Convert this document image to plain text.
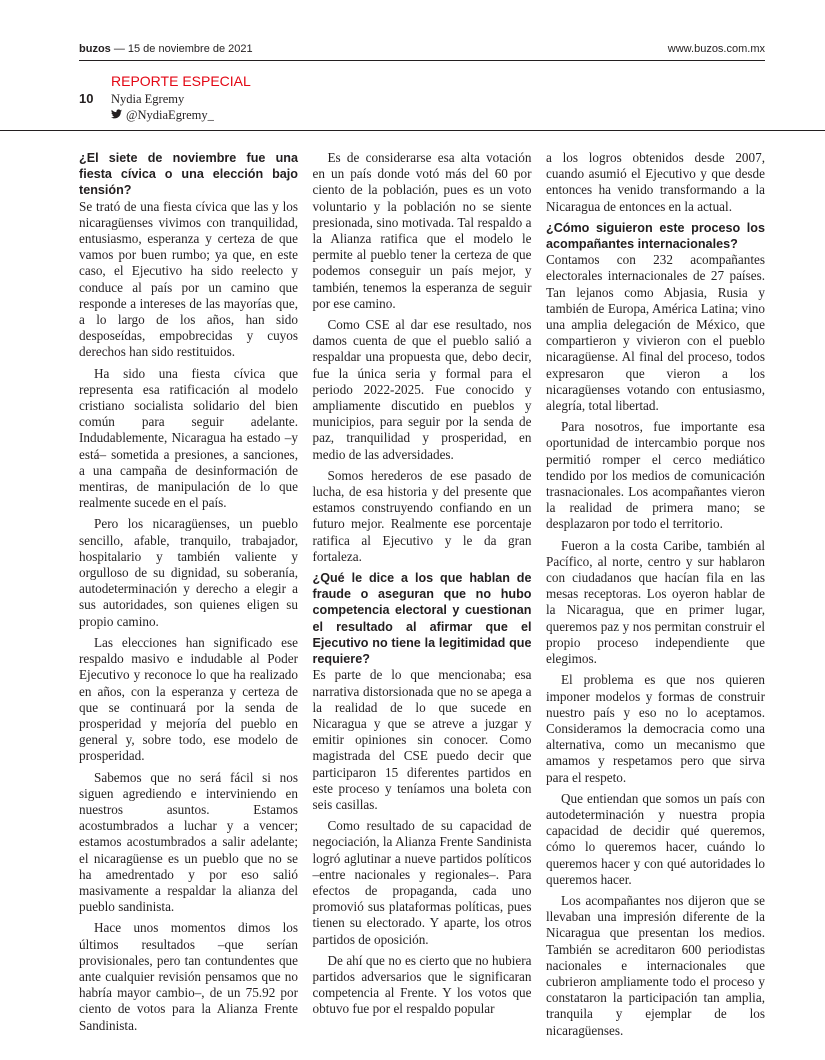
buzos — 15 de noviembre de 2021	www.buzos.com.mx
REPORTE ESPECIAL
10 Nydia Egremy
@NydiaEgremy_

¿El siete de noviembre fue una fiesta cívica o una elección bajo tensión?

Se trató de una fiesta cívica que las y los nicaragüenses vivimos con tranquilidad, entusiasmo, esperanza y certeza de que vamos por buen rumbo; ya que, en este caso, el Ejecutivo ha sido reelecto y conduce al país por un camino que responde a intereses de las mayorías que, a lo largo de los años, han sido desposeídas, empobrecidas y cuyos derechos han sido restituidos.

Ha sido una fiesta cívica que representa esa ratificación al modelo cristiano socialista solidario del bien común para seguir adelante. Indudablemente, Nicaragua ha estado –y está– sometida a presiones, a sanciones, a una campaña de desinformación de mentiras, de manipulación de lo que realmente sucede en el país.

Pero los nicaragüenses, un pueblo sencillo, afable, tranquilo, trabajador, hospitalario y también valiente y orgulloso de su dignidad, su soberanía, autodeterminación y derecho a elegir a sus autoridades, son quienes eligen su propio camino.

Las elecciones han significado ese respaldo masivo e indudable al Poder Ejecutivo y reconoce lo que ha realizado en años, con la esperanza y certeza de que se continuará por la senda de prosperidad y mejoría del pueblo en general y, sobre todo, ese modelo de prosperidad.

Sabemos que no será fácil si nos siguen agrediendo e interviniendo en nuestros asuntos. Estamos acostumbrados a luchar y a vencer; estamos acostumbrados a salir adelante; el nicaragüense es un pueblo que no se ha amedrentado y por eso salió masivamente a respaldar la alianza del pueblo sandinista.

Hace unos momentos dimos los últimos resultados –que serían provisionales, pero tan contundentes que ante cualquier revisión pensamos que no habría mayor cambio–, de un 75.92 por ciento de votos para la Alianza Frente Sandinista.

Es de considerarse esa alta votación en un país donde votó más del 60 por ciento de la población, pues es un voto voluntario y la población no se siente presionada, sino motivada. Tal respaldo a la Alianza ratifica que el modelo le permite al pueblo tener la certeza de que podemos conseguir un país mejor, y también, tenemos la esperanza de seguir por ese camino.

Como CSE al dar ese resultado, nos damos cuenta de que el pueblo salió a respaldar una propuesta que, debo decir, fue la única seria y formal para el periodo 2022-2025. Fue conocido y ampliamente discutido en pueblos y municipios, para seguir por la senda de paz, tranquilidad y prosperidad, en medio de las adversidades.

Somos herederos de ese pasado de lucha, de esa historia y del presente que estamos construyendo confiando en un futuro mejor. Realmente ese porcentaje ratifica al Ejecutivo y le da gran fortaleza.

¿Qué le dice a los que hablan de fraude o aseguran que no hubo competencia electoral y cuestionan el resultado al afirmar que el Ejecutivo no tiene la legitimidad que requiere?

Es parte de lo que mencionaba; esa narrativa distorsionada que no se apega a la realidad de lo que sucede en Nicaragua y que se atreve a juzgar y emitir opiniones sin conocer. Como magistrada del CSE puedo decir que participaron 15 diferentes partidos en este proceso y teníamos una boleta con seis casillas.

Como resultado de su capacidad de negociación, la Alianza Frente Sandinista logró aglutinar a nueve partidos políticos –entre nacionales y regionales–. Para efectos de propaganda, cada uno promovió sus plataformas políticas, pues tienen su electorado. Y aparte, los otros partidos de oposición.

De ahí que no es cierto que no hubiera partidos adversarios que le significaran competencia al Frente. Y los votos que obtuvo fue por el respaldo popular

a los logros obtenidos desde 2007, cuando asumió el Ejecutivo y que desde entonces ha venido transformando a la Nicaragua de entonces en la actual.

¿Cómo siguieron este proceso los acompañantes internacionales?

Contamos con 232 acompañantes electorales internacionales de 27 países. Tan lejanos como Abjasia, Rusia y también de Europa, América Latina; vino una amplia delegación de México, que compartieron y vivieron con el pueblo nicaragüense. Al final del proceso, todos expresaron que vieron a los nicaragüenses votando con entusiasmo, alegría, total libertad.

Para nosotros, fue importante esa oportunidad de intercambio porque nos permitió romper el cerco mediático tendido por los medios de comunicación trasnacionales. Los acompañantes vieron la realidad de primera mano; se desplazaron por todo el territorio.

Fueron a la costa Caribe, también al Pacífico, al norte, centro y sur hablaron con ciudadanos que hacían fila en las mesas receptoras. Los oyeron hablar de la Nicaragua, que en primer lugar, queremos paz y nos permitan construir el propio proceso independiente que elegimos.

El problema es que nos quieren imponer modelos y formas de construir nuestro país y eso no lo aceptamos. Consideramos la democracia como una alternativa, como un mecanismo que amamos y respetamos pero que sirva para el respeto.

Que entiendan que somos un país con autodeterminación y nuestra propia capacidad de decidir qué queremos, cómo lo queremos hacer, cuándo lo queremos hacer y con qué autoridades lo queremos hacer.

Los acompañantes nos dijeron que se llevaban una impresión diferente de la Nicaragua que presentan los medios. También se acreditaron 600 periodistas nacionales e internacionales que cubrieron ampliamente todo el proceso y constataron la participación tan amplia, tranquila y ejemplar de los nicaragüenses.
